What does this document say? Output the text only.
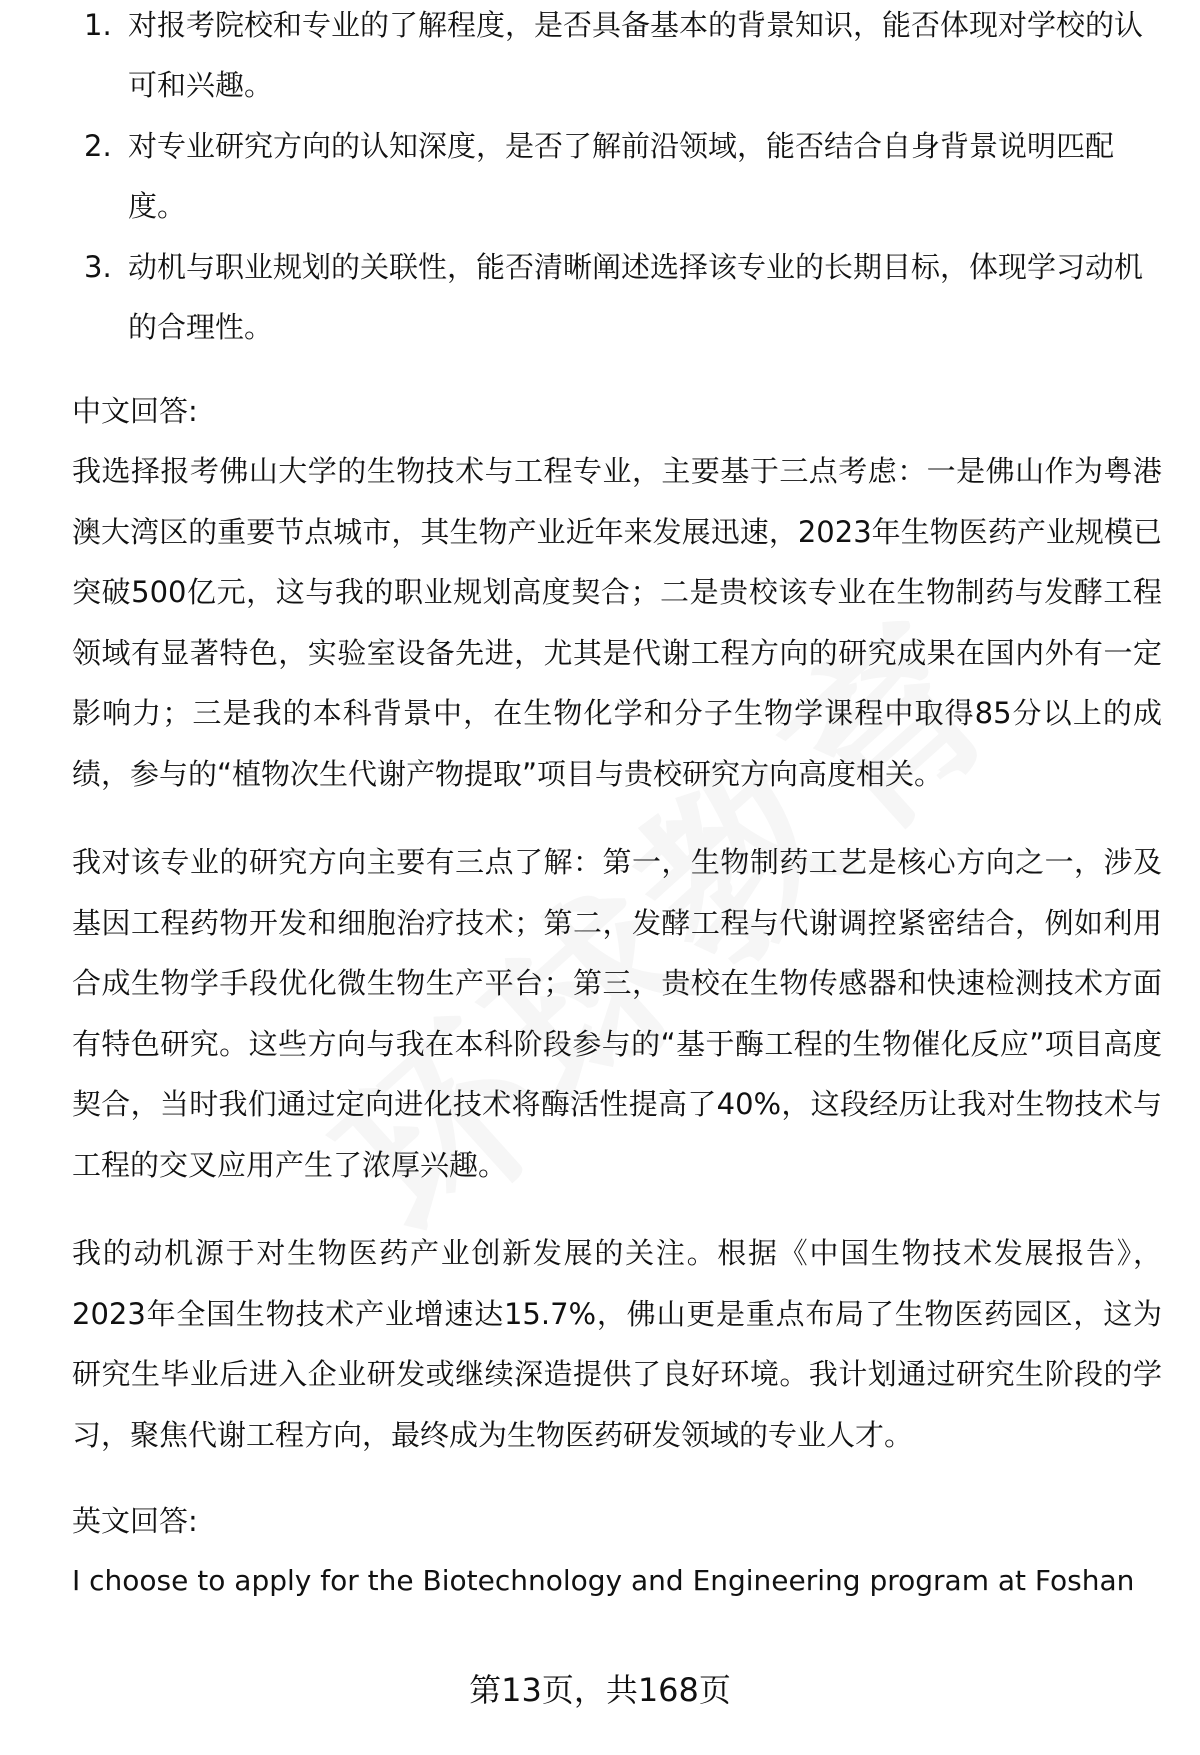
1. 对报考院校和专业的了解程度，是否具备基本的背景知识，能否体现对学校的认可和兴趣。
2. 对专业研究方向的认知深度，是否了解前沿领域，能否结合自身背景说明匹配度。
3. 动机与职业规划的关联性，能否清晰阐述选择该专业的长期目标，体现学习动机的合理性。
中文回答:

我选择报考佛山大学的生物技术与工程专业，主要基于三点考虑：一是佛山作为粤港澳大湾区的重要节点城市，其生物产业近年来发展迅速，2023年生物医药产业规模已突破500亿元，这与我的职业规划高度契合；二是贵校该专业在生物制药与发酵工程领域有显著特色，实验室设备先进，尤其是代谢工程方向的研究成果在国内外有一定影响力；三是我的本科背景中，在生物化学和分子生物学课程中取得85分以上的成绩，参与的“植物次生代谢产物提取”项目与贵校研究方向高度相关。

我对该专业的研究方向主要有三点了解：第一，生物制药工艺是核心方向之一，涉及基因工程药物开发和细胞治疗技术；第二，发酵工程与代谢调控紧密结合，例如利用合成生物学手段优化微生物生产平台；第三，贵校在生物传感器和快速检测技术方面有特色研究。这些方向与我在本科阶段参与的“基于酶工程的生物催化反应”项目高度契合，当时我们通过定向进化技术将酶活性提高了40%，这段经历让我对生物技术与工程的交叉应用产生了浓厚兴趣。

我的动机源于对生物医药产业创新发展的关注。根据《中国生物技术发展报告》，2023年全国生物技术产业增速达15.7%，佛山更是重点布局了生物医药园区，这为研究生毕业后进入企业研发或继续深造提供了良好环境。我计划通过研究生阶段的学习，聚焦代谢工程方向，最终成为生物医药研发领域的专业人才。

英文回答:

I choose to apply for the Biotechnology and Engineering program at Foshan

第13页，共168页
